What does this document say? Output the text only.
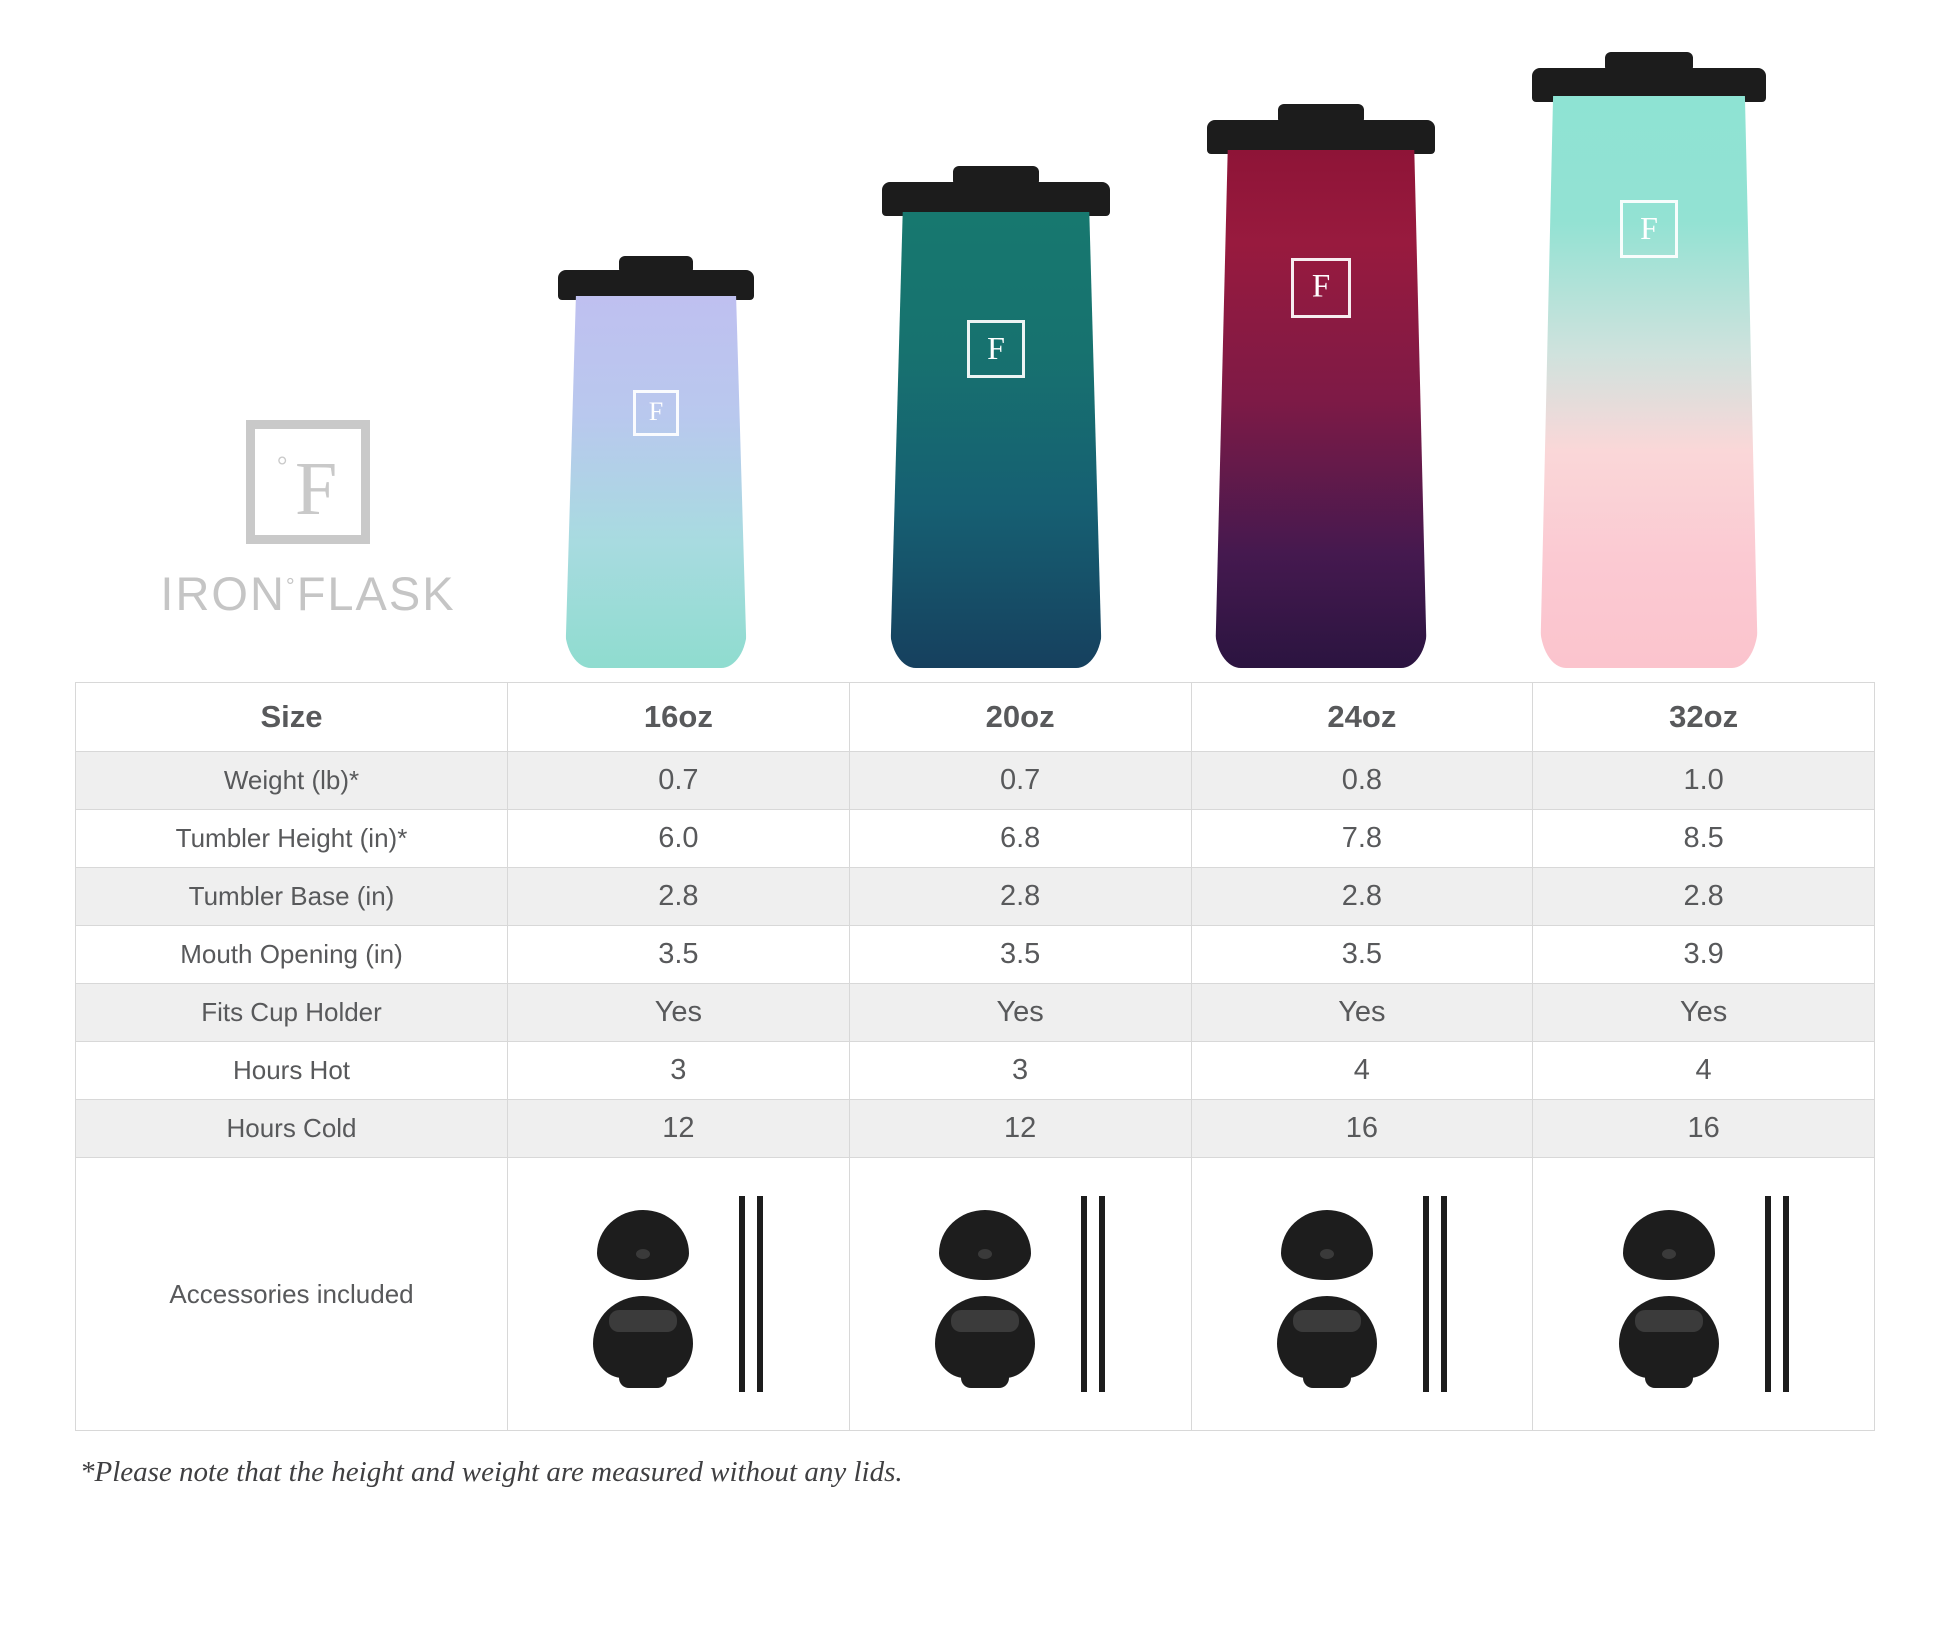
° F
IRON°FLASK
F
F
F
F
Size	16oz	20oz	24oz	32oz
Weight (lb)*	0.7	0.7	0.8	1.0
Tumbler Height (in)*	6.0	6.8	7.8	8.5
Tumbler Base (in)	2.8	2.8	2.8	2.8
Mouth Opening (in)	3.5	3.5	3.5	3.9
Fits Cup Holder	Yes	Yes	Yes	Yes
Hours Hot	3	3	4	4
Hours Cold	12	12	16	16
Accessories included	

*Please note that the height and weight are measured without any lids.
